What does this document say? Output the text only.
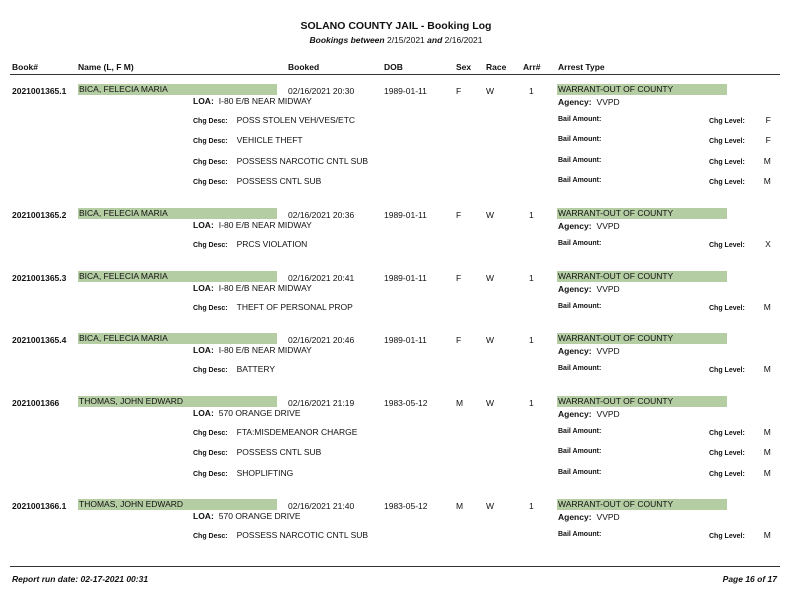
SOLANO COUNTY JAIL - Booking Log
Bookings between 2/15/2021 and 2/16/2021
Book#	Name (L, F M)	Booked	DOB	Sex Race Arr# Arrest Type
2021001365.1 BICA, FELECIA MARIA	02/16/2021 20:30	1989-01-11	F	W	1	WARRANT-OUT OF COUNTY
LOA: I-80 E/B NEAR MIDWAY	Agency: VVPD
Chg Desc: POSS STOLEN VEH/VES/ETC	Bail Amount:	Chg Level: F
Chg Desc: VEHICLE THEFT	Bail Amount:	Chg Level: F
Chg Desc: POSSESS NARCOTIC CNTL SUB	Bail Amount:	Chg Level: M
Chg Desc: POSSESS CNTL SUB	Bail Amount:	Chg Level: M
2021001365.2 BICA, FELECIA MARIA	02/16/2021 20:36	1989-01-11	F	W	1	WARRANT-OUT OF COUNTY
LOA: I-80 E/B NEAR MIDWAY	Agency: VVPD
Chg Desc: PRCS VIOLATION	Bail Amount:	Chg Level: X
2021001365.3 BICA, FELECIA MARIA	02/16/2021 20:41	1989-01-11	F	W	1	WARRANT-OUT OF COUNTY
LOA: I-80 E/B NEAR MIDWAY	Agency: VVPD
Chg Desc: THEFT OF PERSONAL PROP	Bail Amount:	Chg Level: M
2021001365.4 BICA, FELECIA MARIA	02/16/2021 20:46	1989-01-11	F	W	1	WARRANT-OUT OF COUNTY
LOA: I-80 E/B NEAR MIDWAY	Agency: VVPD
Chg Desc: BATTERY	Bail Amount:	Chg Level: M
2021001366 THOMAS, JOHN EDWARD	02/16/2021 21:19	1983-05-12	M	W	1	WARRANT-OUT OF COUNTY
LOA: 570 ORANGE DRIVE	Agency: VVPD
Chg Desc: FTA:MISDEMEANOR CHARGE	Bail Amount:	Chg Level: M
Chg Desc: POSSESS CNTL SUB	Bail Amount:	Chg Level: M
Chg Desc: SHOPLIFTING	Bail Amount:	Chg Level: M
2021001366.1 THOMAS, JOHN EDWARD	02/16/2021 21:40	1983-05-12	M	W	1	WARRANT-OUT OF COUNTY
LOA: 570 ORANGE DRIVE	Agency: VVPD
Chg Desc: POSSESS NARCOTIC CNTL SUB	Bail Amount:	Chg Level: M
Report run date: 02-17-2021 00:31	Page 16 of 17
